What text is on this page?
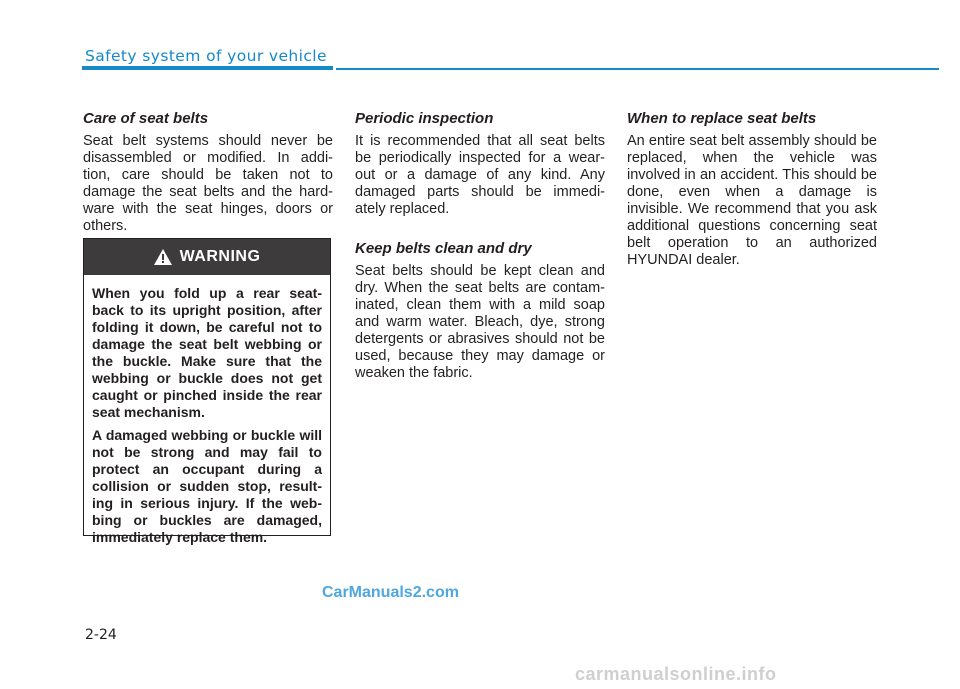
Safety system of your vehicle
Care of seat belts

Seat belt systems should never be disassembled or modified. In addi- tion, care should be taken not to damage the seat belts and the hard- ware with the seat hinges, doors or others.

WARNING

When you fold up a rear seat- back to its upright position, after folding it down, be careful not to damage the seat belt webbing or the buckle. Make sure that the webbing or buckle does not get caught or pinched inside the rear seat mechanism.

A damaged webbing or buckle will not be strong and may fail to protect an occupant during a collision or sudden stop, result- ing in serious injury. If the web- bing or buckles are damaged, immediately replace them.

Periodic inspection

It is recommended that all seat belts be periodically inspected for a wear- out or a damage of any kind. Any damaged parts should be immedi- ately replaced.

Keep belts clean and dry

Seat belts should be kept clean and dry. When the seat belts are contam- inated, clean them with a mild soap and warm water. Bleach, dye, strong detergents or abrasives should not be used, because they may damage or weaken the fabric.

When to replace seat belts

An entire seat belt assembly should be replaced, when the vehicle was involved in an accident. This should be done, even when a damage is invisible. We recommend that you ask additional questions concerning seat belt operation to an authorized HYUNDAI dealer.

CarManuals2.com
2-24
carmanualsonline.info
